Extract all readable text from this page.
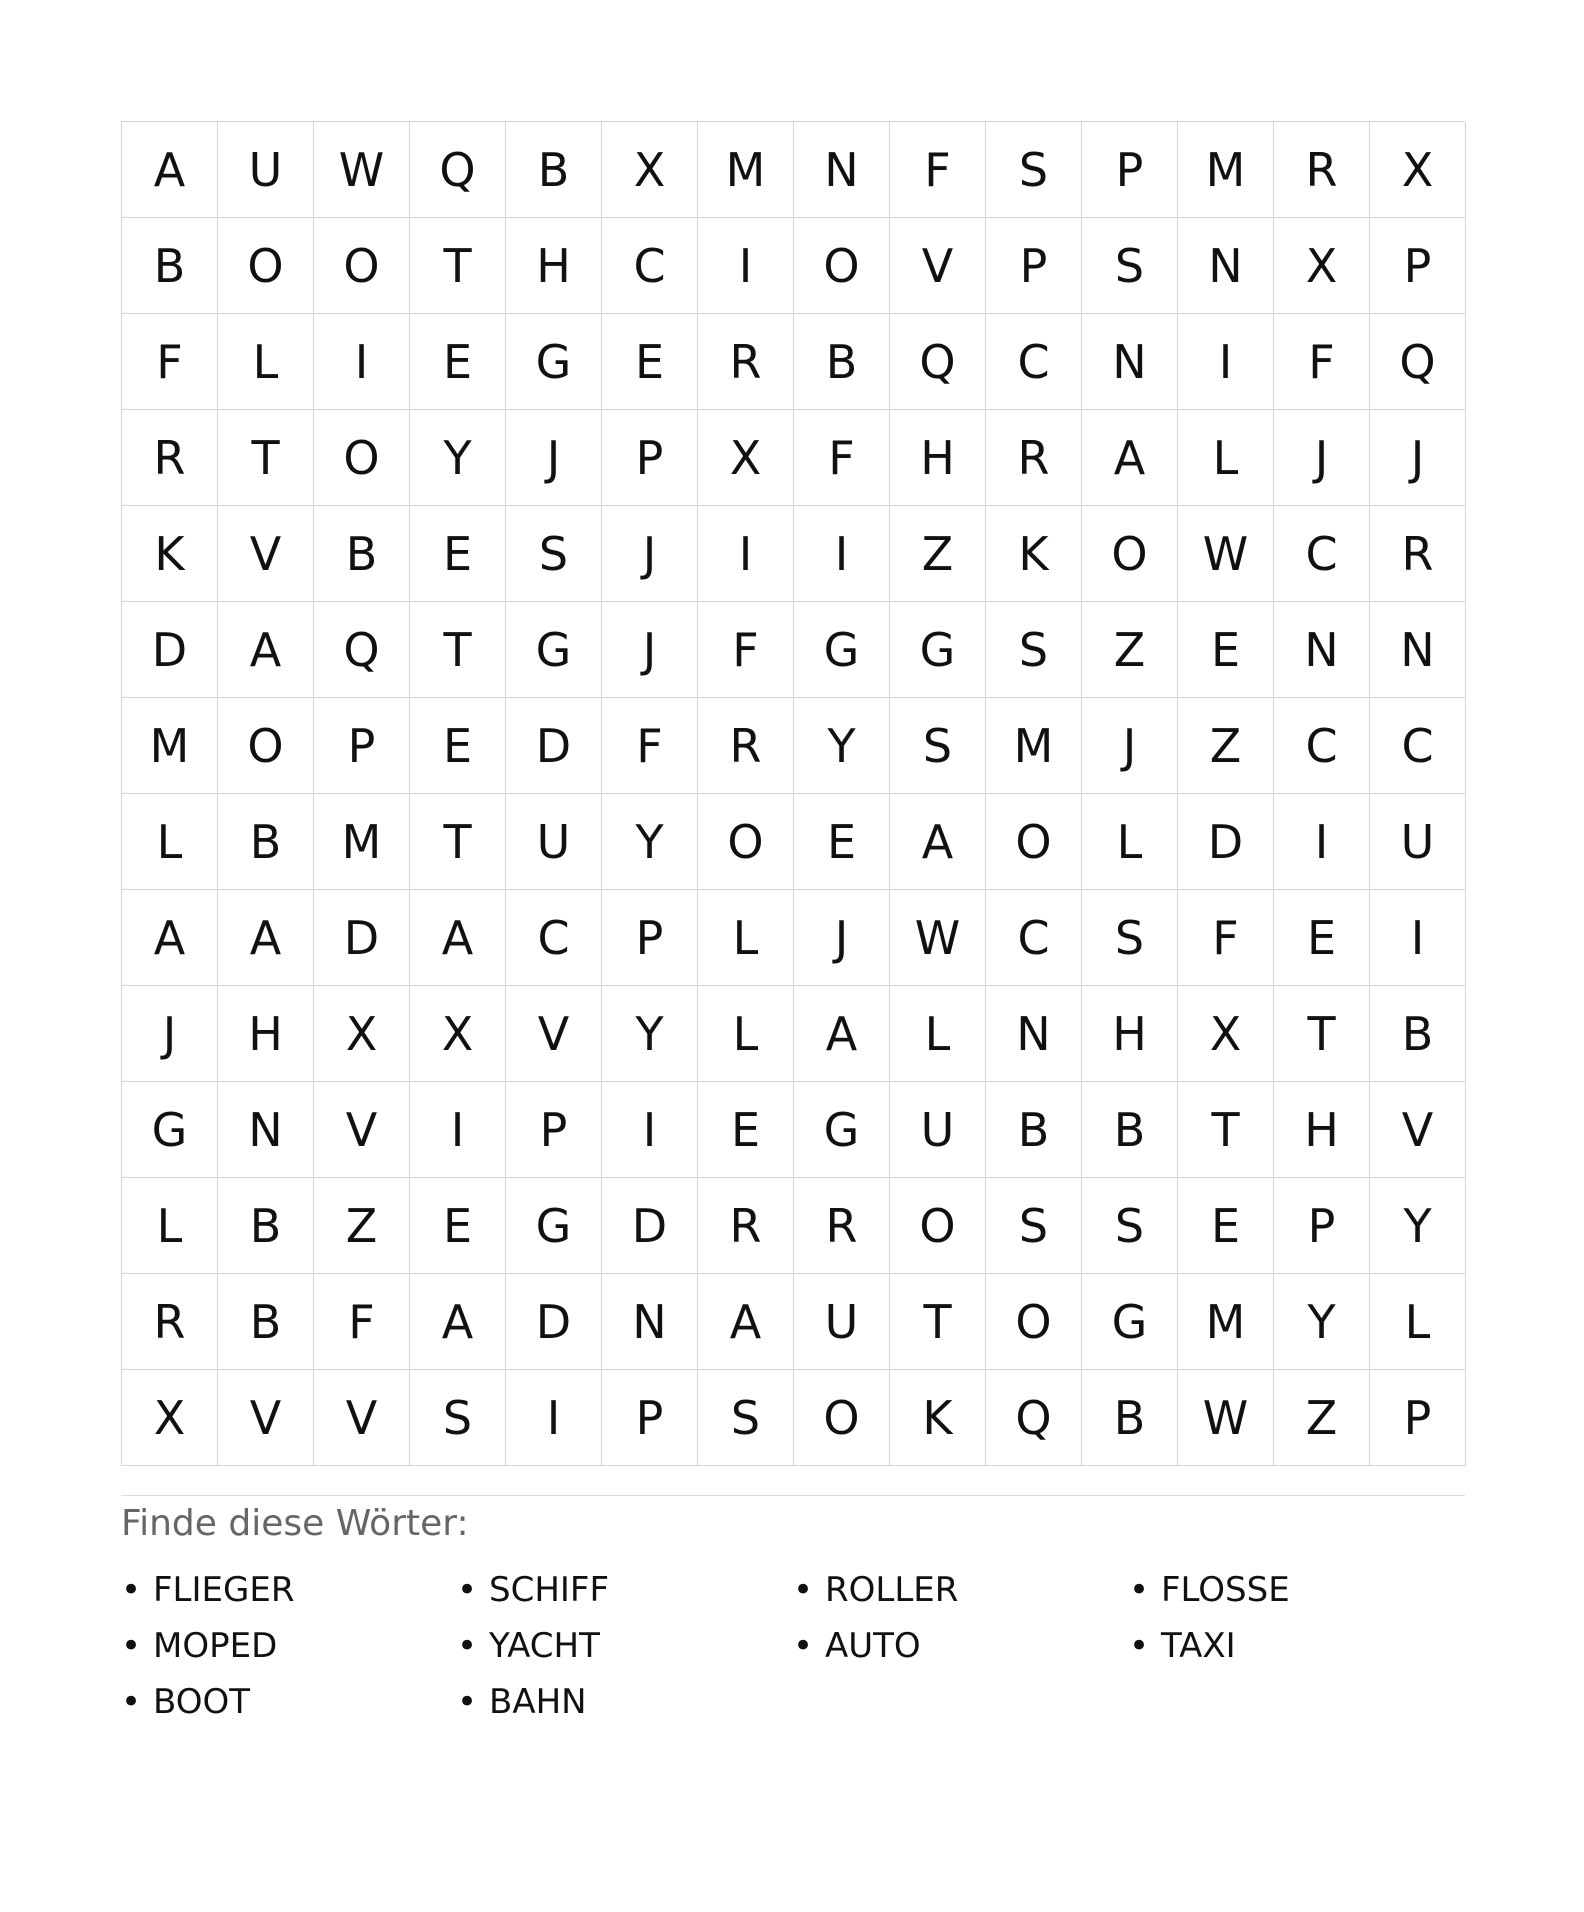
A	U	W	Q	B	X	M	N	F	S	P	M	R	X
B	O	O	T	H	C	I	O	V	P	S	N	X	P
F	L	I	E	G	E	R	B	Q	C	N	I	F	Q
R	T	O	Y	J	P	X	F	H	R	A	L	J	J
K	V	B	E	S	J	I	I	Z	K	O	W	C	R
D	A	Q	T	G	J	F	G	G	S	Z	E	N	N
M	O	P	E	D	F	R	Y	S	M	J	Z	C	C
L	B	M	T	U	Y	O	E	A	O	L	D	I	U
A	A	D	A	C	P	L	J	W	C	S	F	E	I
J	H	X	X	V	Y	L	A	L	N	H	X	T	B
G	N	V	I	P	I	E	G	U	B	B	T	H	V
L	B	Z	E	G	D	R	R	O	S	S	E	P	Y
R	B	F	A	D	N	A	U	T	O	G	M	Y	L
X	V	V	S	I	P	S	O	K	Q	B	W	Z	P
Finde diese Wörter:
• FLIEGER	• SCHIFF	• ROLLER	• FLOSSE
• MOPED	• YACHT	• AUTO	• TAXI
• BOOT	• BAHN
